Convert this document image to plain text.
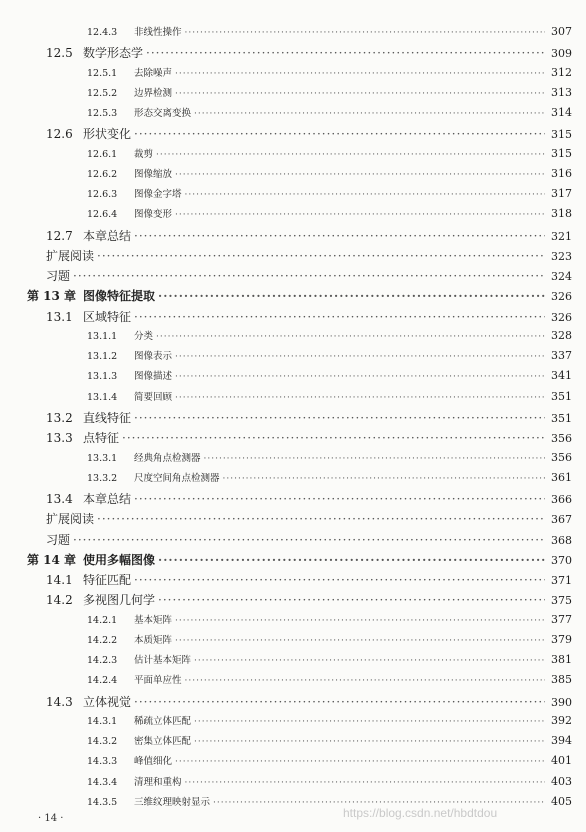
12.4.3	非线性操作 ·····	307
12.5 数学形态学 ·····	309
12.5.1	去除噪声 ·····	312
12.5.2	边界检测 ·····	313
12.5.3	形态交离变换 ·····	314
12.6 形状变化 ·····	315
12.6.1	裁剪 ·····	315
12.6.2	图像缩放 ·····	316
12.6.3	图像金字塔 ·····	317
12.6.4	图像变形 ·····	318
12.7 本章总结 ·····	321
扩展阅读 ·····	323
习题 ·····	324
第 13 章 图像特征提取 ·····	326
13.1 区域特征 ·····	326
13.1.1	分类 ·····	328
13.1.2	图像表示 ·····	337
13.1.3	图像描述 ·····	341
13.1.4	简要回顾 ·····	351
13.2 直线特征 ·····	351
13.3 点特征 ·····	356
13.3.1	经典角点检测器 ·····	356
13.3.2	尺度空间角点检测器 ·····	361
13.4 本章总结 ·····	366
扩展阅读 ·····	367
习题 ·····	368
第 14 章 使用多幅图像 ·····	370
14.1 特征匹配 ·····	371
14.2 多视图几何学 ·····	375
14.2.1	基本矩阵 ·····	377
14.2.2	本质矩阵 ·····	379
14.2.3	估计基本矩阵 ·····	381
14.2.4	平面单应性 ·····	385
14.3 立体视觉 ·····	390
14.3.1	稀疏立体匹配 ·····	392
14.3.2	密集立体匹配 ·····	394
14.3.3	峰值细化 ·····	401
14.3.4	清理和重构 ·····	403
14.3.5	三维纹理映射显示 ·····	405
· 14 ·	https://blog.csdn.net/hbdtdou
